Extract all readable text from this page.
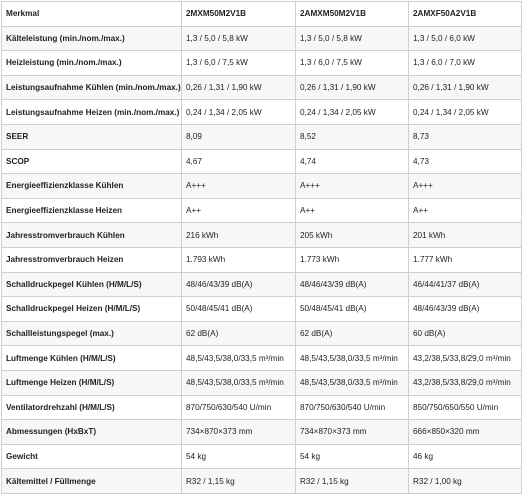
Merkmal	2MXM50M2V1B	2AMXM50M2V1B	2AMXF50A2V1B
Kälteleistung (min./nom./max.)	1,3 / 5,0 / 5,8 kW	1,3 / 5,0 / 5,8 kW	1,3 / 5,0 / 6,0 kW
Heizleistung (min./nom./max.)	1,3 / 6,0 / 7,5 kW	1,3 / 6,0 / 7,5 kW	1,3 / 6,0 / 7,0 kW
Leistungsaufnahme Kühlen (min./nom./max.)	0,26 / 1,31 / 1,90 kW	0,26 / 1,31 / 1,90 kW	0,26 / 1,31 / 1,90 kW
Leistungsaufnahme Heizen (min./nom./max.)	0,24 / 1,34 / 2,05 kW	0,24 / 1,34 / 2,05 kW	0,24 / 1,34 / 2,05 kW
SEER	8,09	8,52	8,73
SCOP	4,67	4,74	4,73
Energieeffizienzklasse Kühlen	A+++	A+++	A+++
Energieeffizienzklasse Heizen	A++	A++	A++
Jahresstromverbrauch Kühlen	216 kWh	205 kWh	201 kWh
Jahresstromverbrauch Heizen	1.793 kWh	1.773 kWh	1.777 kWh
Schalldruckpegel Kühlen (H/M/L/S)	48/46/43/39 dB(A)	48/46/43/39 dB(A)	46/44/41/37 dB(A)
Schalldruckpegel Heizen (H/M/L/S)	50/48/45/41 dB(A)	50/48/45/41 dB(A)	48/46/43/39 dB(A)
Schallleistungspegel (max.)	62 dB(A)	62 dB(A)	60 dB(A)
Luftmenge Kühlen (H/M/L/S)	48,5/43,5/38,0/33,5 m³/min	48,5/43,5/38,0/33,5 m³/min	43,2/38,5/33,8/29,0 m³/min
Luftmenge Heizen (H/M/L/S)	48,5/43,5/38,0/33,5 m³/min	48,5/43,5/38,0/33,5 m³/min	43,2/38,5/33,8/29,0 m³/min
Ventilatordrehzahl (H/M/L/S)	870/750/630/540 U/min	870/750/630/540 U/min	850/750/650/550 U/min
Abmessungen (HxBxT)	734×870×373 mm	734×870×373 mm	666×850×320 mm
Gewicht	54 kg	54 kg	46 kg
Kältemittel / Füllmenge	R32 / 1,15 kg	R32 / 1,15 kg	R32 / 1,00 kg
